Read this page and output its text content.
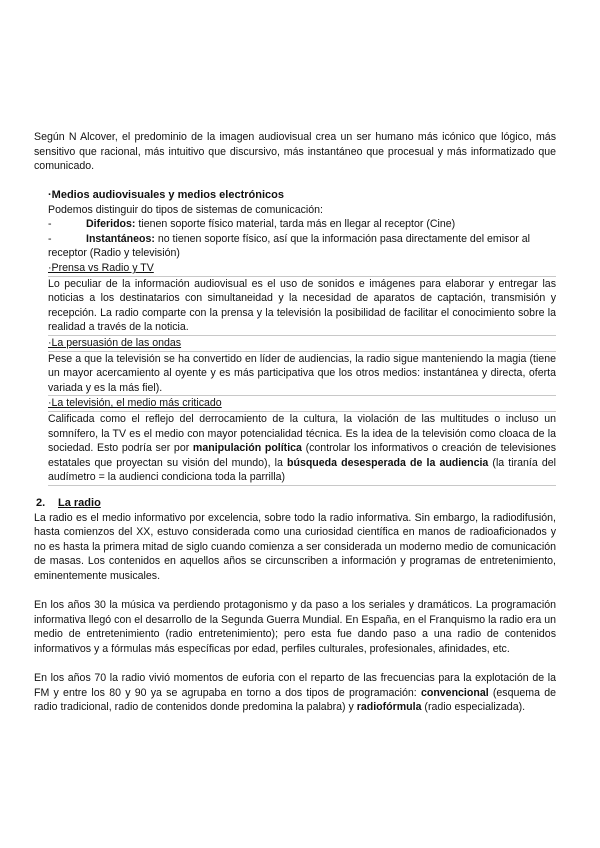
Según N Alcover, el predominio de la imagen audiovisual crea un ser humano más icónico que lógico, más sensitivo que racional, más intuitivo que discursivo, más instantáneo que procesual y más informatizado que comunicado.

·Medios audiovisuales y medios electrónicos

Podemos distinguir do tipos de sistemas de comunicación:

-	Diferidos: tienen soporte físico material, tarda más en llegar al receptor (Cine)
-	Instantáneos: no tienen soporte físico, así que la información pasa directamente del emisor al
receptor (Radio y televisión)
·Prensa vs Radio y TV

Lo peculiar de la información audiovisual es el uso de sonidos e imágenes para elaborar y entregar las noticias a los destinatarios con simultaneidad y la necesidad de aparatos de captación, transmisión y recepción. La radio comparte con la prensa y la televisión la posibilidad de facilitar el conocimiento sobre la realidad a través de la noticia.

·La persuasión de las ondas

Pese a que la televisión se ha convertido en líder de audiencias, la radio sigue manteniendo la magia (tiene un mayor acercamiento al oyente y es más participativa que los otros medios: instantánea y directa, oferta variada y es la más fiel).

·La televisión, el medio más criticado

Calificada como el reflejo del derrocamiento de la cultura, la violación de las multitudes o incluso un somnífero, la TV es el medio con mayor potencialidad técnica. Es la idea de la televisión como cloaca de la sociedad. Esto podría ser por manipulación política (controlar los informativos o creación de televisiones estatales que proyectan su visión del mundo), la búsqueda desesperada de la audiencia (la tiranía del audímetro = la audienci condiciona toda la parrilla)

2. La radio

La radio es el medio informativo por excelencia, sobre todo la radio informativa. Sin embargo, la radiodifusión, hasta comienzos del XX, estuvo considerada como una curiosidad científica en manos de radioaficionados y no es hasta la primera mitad de siglo cuando comienza a ser considerada un moderno medio de comunicación de masas. Los contenidos en aquellos años se circunscriben a información y programas de entretenimiento, eminentemente musicales.

En los años 30 la música va perdiendo protagonismo y da paso a los seriales y dramáticos. La programación informativa llegó con el desarrollo de la Segunda Guerra Mundial. En España, en el Franquismo la radio era un medio de entretenimiento (radio entretenimiento); pero esta fue dando paso a una radio de contenidos informativos y a fórmulas más específicas por edad, perfiles culturales, profesionales, afinidades, etc.

En los años 70 la radio vivió momentos de euforia con el reparto de las frecuencias para la explotación de la FM y entre los 80 y 90 ya se agrupaba en torno a dos tipos de programación: convencional (esquema de radio tradicional, radio de contenidos donde predomina la palabra) y radiofórmula (radio especializada).
